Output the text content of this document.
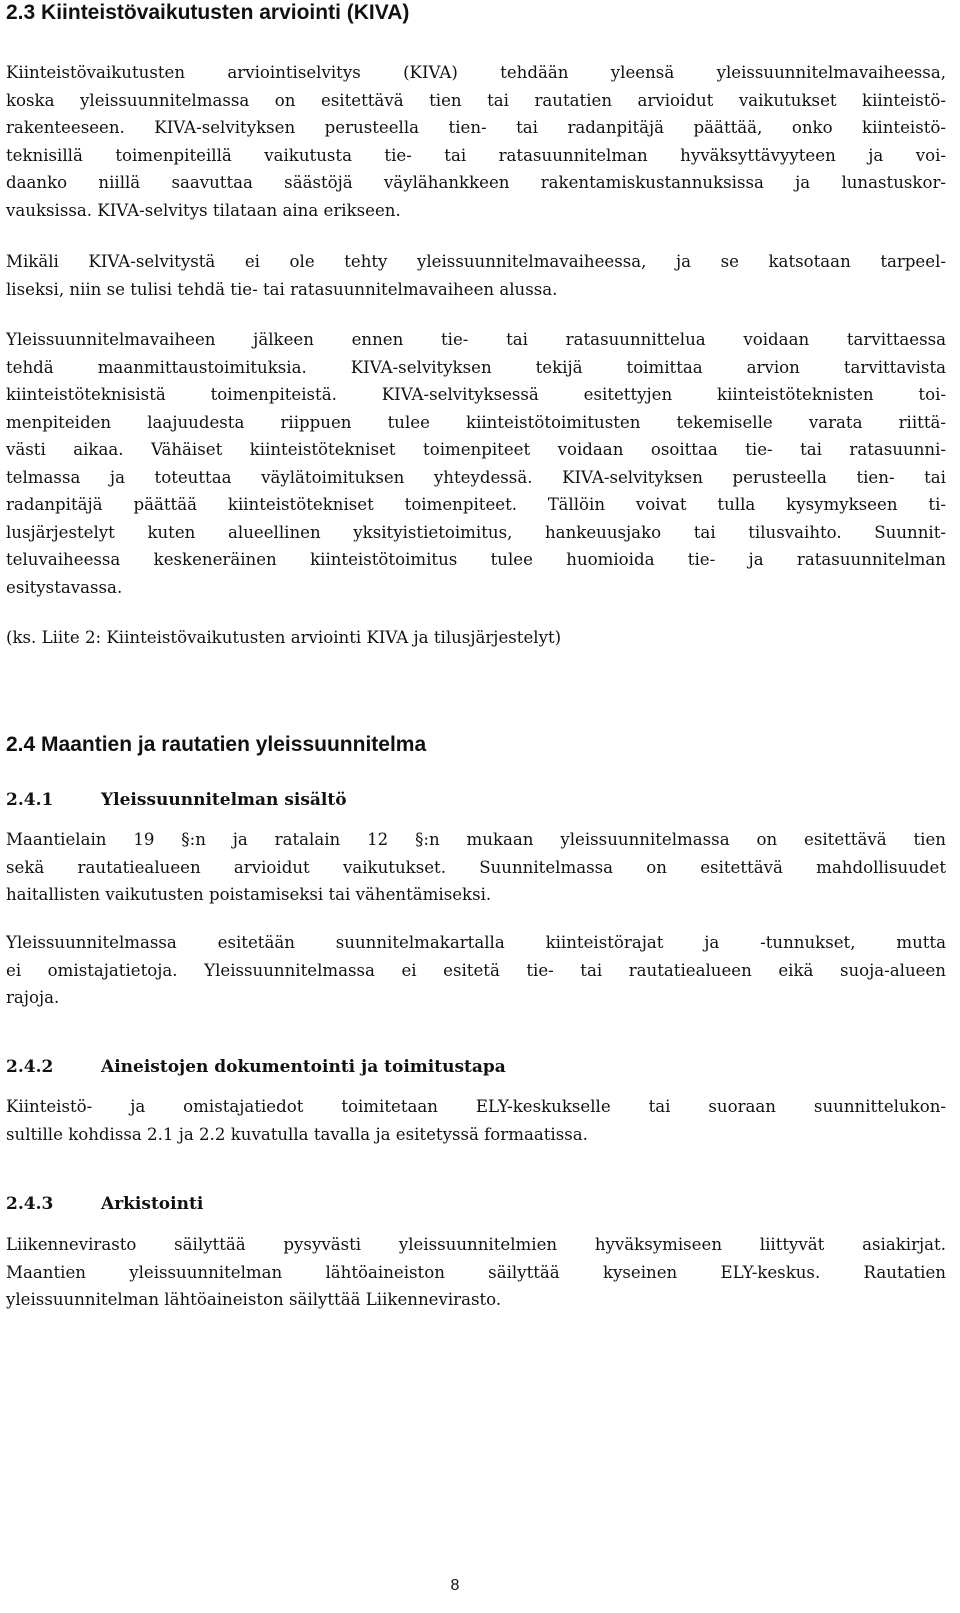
2.3 Kiinteistövaikutusten arviointi (KIVA)
Kiinteistövaikutusten arviointiselvitys (KIVA) tehdään yleensä yleissuunnitelmavaiheessa,
koska yleissuunnitelmassa on esitettävä tien tai rautatien arvioidut vaikutukset kiinteistö-
rakenteeseen. KIVA-selvityksen perusteella tien- tai radanpitäjä päättää, onko kiinteistö-
teknisillä toimenpiteillä vaikutusta tie- tai ratasuunnitelman hyväksyttävyyteen ja voi-
daanko niillä saavuttaa säästöjä väylähankkeen rakentamiskustannuksissa ja lunastuskor-
vauksissa. KIVA-selvitys tilataan aina erikseen.
Mikäli KIVA-selvitystä ei ole tehty yleissuunnitelmavaiheessa, ja se katsotaan tarpeel-
liseksi, niin se tulisi tehdä tie- tai ratasuunnitelmavaiheen alussa.
Yleissuunnitelmavaiheen jälkeen ennen tie- tai ratasuunnittelua voidaan tarvittaessa
tehdä maanmittaustoimituksia. KIVA-selvityksen tekijä toimittaa arvion tarvittavista
kiinteistöteknisistä toimenpiteistä. KIVA-selvityksessä esitettyjen kiinteistöteknisten toi-
menpiteiden laajuudesta riippuen tulee kiinteistötoimitusten tekemiselle varata riittä-
västi aikaa. Vähäiset kiinteistötekniset toimenpiteet voidaan osoittaa tie- tai ratasuunni-
telmassa ja toteuttaa väylätoimituksen yhteydessä. KIVA-selvityksen perusteella tien- tai
radanpitäjä päättää kiinteistötekniset toimenpiteet. Tällöin voivat tulla kysymykseen ti-
lusjärjestelyt kuten alueellinen yksityistietoimitus, hankeuusjako tai tilusvaihto. Suunnit-
teluvaiheessa keskeneräinen kiinteistötoimitus tulee huomioida tie- ja ratasuunnitelman
esitystavassa.
(ks. Liite 2: Kiinteistövaikutusten arviointi KIVA ja tilusjärjestelyt)
2.4 Maantien ja rautatien yleissuunnitelma
2.4.1	Yleissuunnitelman sisältö
Maantielain 19 §:n ja ratalain 12 §:n mukaan yleissuunnitelmassa on esitettävä tien
sekä rautatiealueen arvioidut vaikutukset. Suunnitelmassa on esitettävä mahdollisuudet
haitallisten vaikutusten poistamiseksi tai vähentämiseksi.
Yleissuunnitelmassa esitetään suunnitelmakartalla kiinteistörajat ja -tunnukset, mutta
ei omistajatietoja. Yleissuunnitelmassa ei esitetä tie- tai rautatiealueen eikä suoja-alueen
rajoja.
2.4.2	Aineistojen dokumentointi ja toimitustapa
Kiinteistö- ja omistajatiedot toimitetaan ELY-keskukselle tai suoraan suunnittelukon-
sultille kohdissa 2.1 ja 2.2 kuvatulla tavalla ja esitetyssä formaatissa.
2.4.3	Arkistointi
Liikennevirasto säilyttää pysyvästi yleissuunnitelmien hyväksymiseen liittyvät asiakirjat.
Maantien yleissuunnitelman lähtöaineiston säilyttää kyseinen ELY-keskus. Rautatien
yleissuunnitelman lähtöaineiston säilyttää Liikennevirasto.
8
